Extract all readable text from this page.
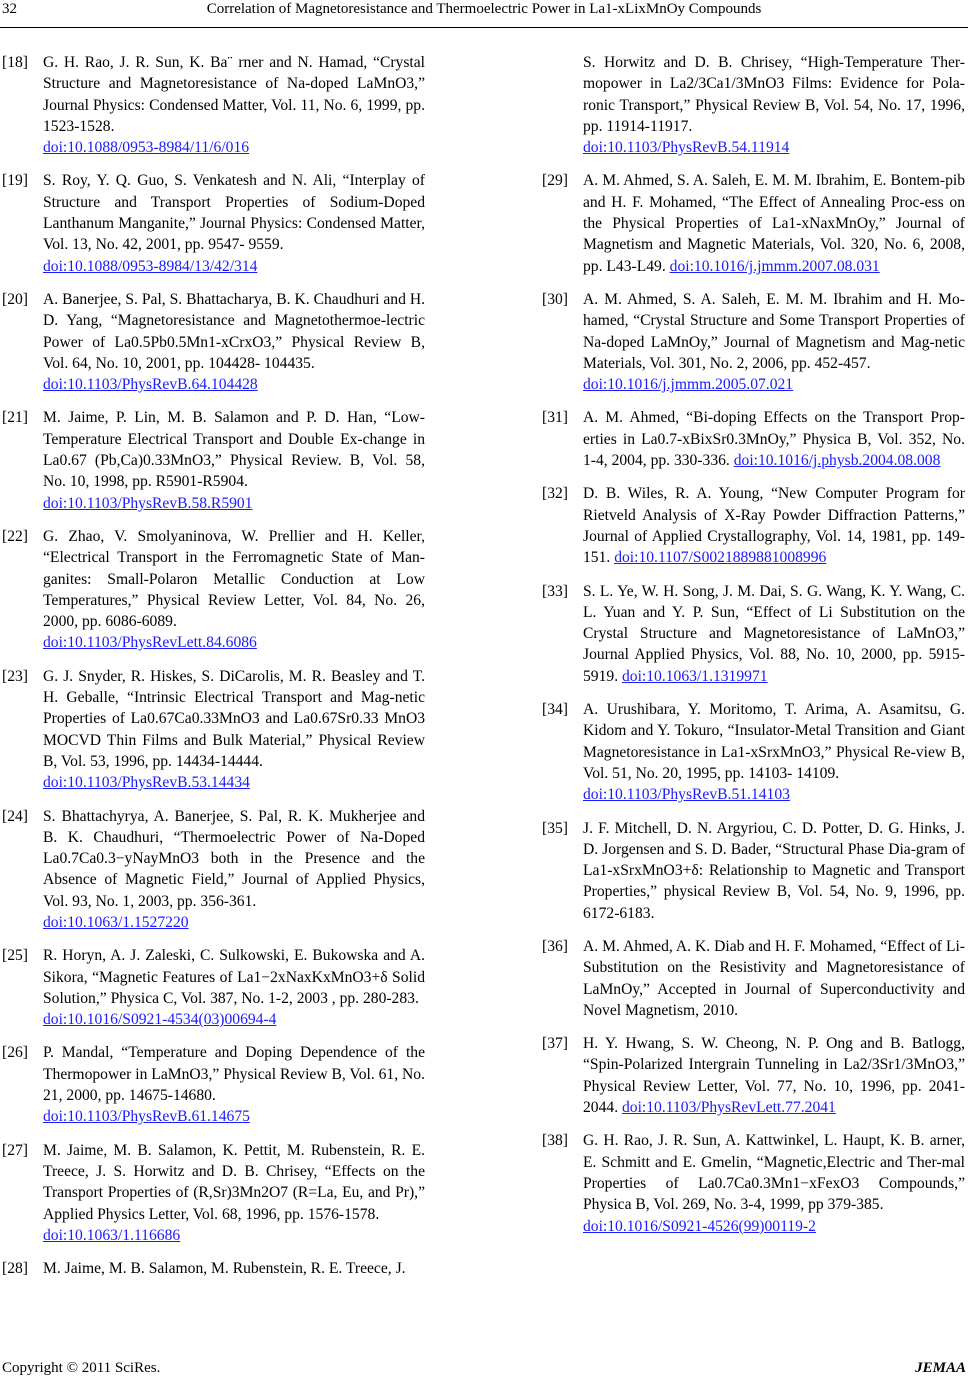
32	Correlation of Magnetoresistance and Thermoelectric Power in La1-xLixMnOy Compounds
[18] G. H. Rao, J. R. Sun, K. Ba¨ rner and N. Hamad, “Crystal Structure and Magnetoresistance of Na-doped LaMnO3,” Journal Physics: Condensed Matter, Vol. 11, No. 6, 1999, pp. 1523-1528.
doi:10.1088/0953-8984/11/6/016
[19] S. Roy, Y. Q. Guo, S. Venkatesh and N. Ali, “Interplay of Structure and Transport Properties of Sodium-Doped Lanthanum Manganite,” Journal Physics: Condensed Matter, Vol. 13, No. 42, 2001, pp. 9547- 9559.
doi:10.1088/0953-8984/13/42/314
[20] A. Banerjee, S. Pal, S. Bhattacharya, B. K. Chaudhuri and H. D. Yang, “Magnetoresistance and Magnetothermoe-lectric Power of La0.5Pb0.5Mn1-xCrxO3,” Physical Review B, Vol. 64, No. 10, 2001, pp. 104428- 104435.
doi:10.1103/PhysRevB.64.104428
[21] M. Jaime, P. Lin, M. B. Salamon and P. D. Han, “Low-Temperature Electrical Transport and Double Ex-change in La0.67 (Pb,Ca)0.33MnO3,” Physical Review. B, Vol. 58, No. 10, 1998, pp. R5901-R5904.
doi:10.1103/PhysRevB.58.R5901
[22] G. Zhao, V. Smolyaninova, W. Prellier and H. Keller, “Electrical Transport in the Ferromagnetic State of Man-ganites: Small-Polaron Metallic Conduction at Low Temperatures,” Physical Review Letter, Vol. 84, No. 26, 2000, pp. 6086-6089.
doi:10.1103/PhysRevLett.84.6086
[23] G. J. Snyder, R. Hiskes, S. DiCarolis, M. R. Beasley and T. H. Geballe, “Intrinsic Electrical Transport and Mag-netic Properties of La0.67Ca0.33MnO3 and La0.67Sr0.33 MnO3 MOCVD Thin Films and Bulk Material,” Physical Review B, Vol. 53, 1996, pp. 14434-14444.
doi:10.1103/PhysRevB.53.14434
[24] S. Bhattachyrya, A. Banerjee, S. Pal, R. K. Mukherjee and B. K. Chaudhuri, “Thermoelectric Power of Na-Doped La0.7Ca0.3−yNayMnO3 both in the Presence and the Absence of Magnetic Field,” Journal of Applied Physics, Vol. 93, No. 1, 2003, pp. 356-361.
doi:10.1063/1.1527220
[25] R. Horyn, A. J. Zaleski, C. Sulkowski, E. Bukowska and A. Sikora, “Magnetic Features of La1−2xNaxKxMnO3+δ Solid Solution,” Physica C, Vol. 387, No. 1-2, 2003 , pp. 280-283.
doi:10.1016/S0921-4534(03)00694-4
[26] P. Mandal, “Temperature and Doping Dependence of the Thermopower in LaMnO3,” Physical Review B, Vol. 61, No. 21, 2000, pp. 14675-14680.
doi:10.1103/PhysRevB.61.14675
[27] M. Jaime, M. B. Salamon, K. Pettit, M. Rubenstein, R. E. Treece, J. S. Horwitz and D. B. Chrisey, “Effects on the Transport Properties of (R,Sr)3Mn2O7 (R=La, Eu, and Pr),” Applied Physics Letter, Vol. 68, 1996, pp. 1576-1578.
doi:10.1063/1.116686
[28] M. Jaime, M. B. Salamon, M. Rubenstein, R. E. Treece, J.
S. Horwitz and D. B. Chrisey, “High-Temperature Ther-mopower in La2/3Ca1/3MnO3 Films: Evidence for Pola-ronic Transport,” Physical Review B, Vol. 54, No. 17, 1996, pp. 11914-11917.
doi:10.1103/PhysRevB.54.11914
[29] A. M. Ahmed, S. A. Saleh, E. M. M. Ibrahim, E. Bontem-pib and H. F. Mohamed, “The Effect of Annealing Proc-ess on the Physical Properties of La1-xNaxMnOy,” Journal of Magnetism and Magnetic Materials, Vol. 320, No. 6, 2008, pp. L43-L49. doi:10.1016/j.jmmm.2007.08.031
[30] A. M. Ahmed, S. A. Saleh, E. M. M. Ibrahim and H. Mo-hamed, “Crystal Structure and Some Transport Properties of Na-doped LaMnOy,” Journal of Magnetism and Mag-netic Materials, Vol. 301, No. 2, 2006, pp. 452-457.
doi:10.1016/j.jmmm.2005.07.021
[31] A. M. Ahmed, “Bi-doping Effects on the Transport Prop-erties in La0.7-xBixSr0.3MnOy,” Physica B, Vol. 352, No. 1-4, 2004, pp. 330-336. doi:10.1016/j.physb.2004.08.008
[32] D. B. Wiles, R. A. Young, “New Computer Program for Rietveld Analysis of X-Ray Powder Diffraction Patterns,” Journal of Applied Crystallography, Vol. 14, 1981, pp. 149-151. doi:10.1107/S0021889881008996
[33] S. L. Ye, W. H. Song, J. M. Dai, S. G. Wang, K. Y. Wang, C. L. Yuan and Y. P. Sun, “Effect of Li Substitution on the Crystal Structure and Magnetoresistance of LaMnO3,” Journal Applied Physics, Vol. 88, No. 10, 2000, pp. 5915-5919. doi:10.1063/1.1319971
[34] A. Urushibara, Y. Moritomo, T. Arima, A. Asamitsu, G. Kidom and Y. Tokuro, “Insulator-Metal Transition and Giant Magnetoresistance in La1-xSrxMnO3,” Physical Re-view B, Vol. 51, No. 20, 1995, pp. 14103- 14109.
doi:10.1103/PhysRevB.51.14103
[35] J. F. Mitchell, D. N. Argyriou, C. D. Potter, D. G. Hinks, J. D. Jorgensen and S. D. Bader, “Structural Phase Dia-gram of La1-xSrxMnO3+δ: Relationship to Magnetic and Transport Properties,” physical Review B, Vol. 54, No. 9, 1996, pp. 6172-6183.
[36] A. M. Ahmed, A. K. Diab and H. F. Mohamed, “Effect of Li-Substitution on the Resistivity and Magnetoresistance of LaMnOy,” Accepted in Journal of Superconductivity and Novel Magnetism, 2010.
[37] H. Y. Hwang, S. W. Cheong, N. P. Ong and B. Batlogg, “Spin-Polarized Intergrain Tunneling in La2/3Sr1/3MnO3,” Physical Review Letter, Vol. 77, No. 10, 1996, pp. 2041-2044. doi:10.1103/PhysRevLett.77.2041
[38] G. H. Rao, J. R. Sun, A. Kattwinkel, L. Haupt, K. B. arner, E. Schmitt and E. Gmelin, “Magnetic,Electric and Ther-mal Properties of La0.7Ca0.3Mn1−xFexO3 Compounds,” Physica B, Vol. 269, No. 3-4, 1999, pp 379-385.
doi:10.1016/S0921-4526(99)00119-2
Copyright © 2011 SciRes.	JEMAA
